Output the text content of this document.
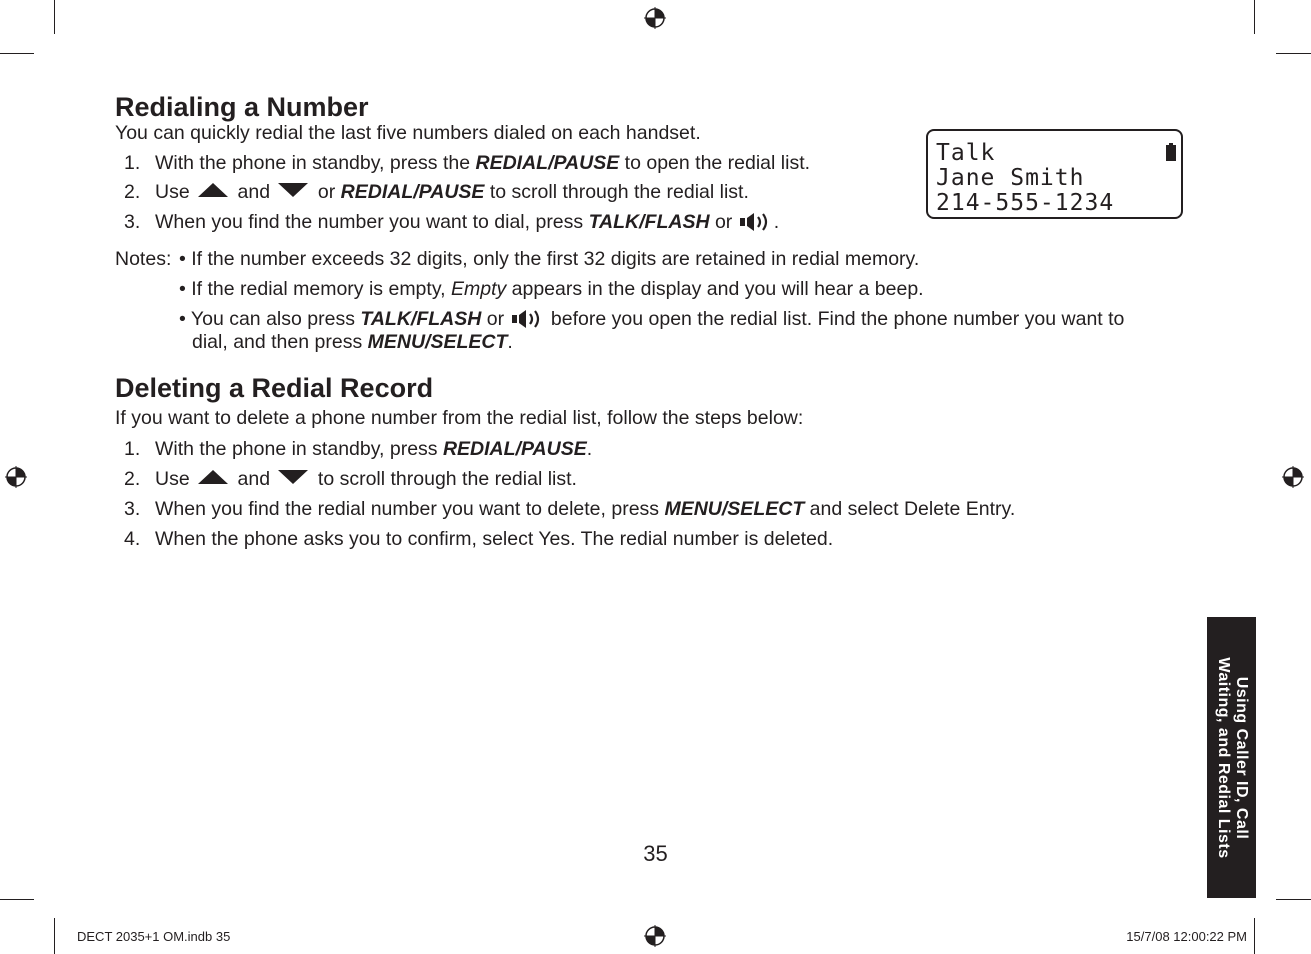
Redialing a Number
You can quickly redial the last five numbers dialed on each handset.
1. With the phone in standby, press the REDIAL/PAUSE to open the redial list.
2. Use  and  or REDIAL/PAUSE to scroll through the redial list.
3. When you find the number you want to dial, press TALK/FLASH or .
Talk
Jane Smith
214-555-1234
Notes: • If the number exceeds 32 digits, only the first 32 digits are retained in redial memory.
• If the redial memory is empty, Empty appears in the display and you will hear a beep.
• You can also press TALK/FLASH or  before you open the redial list. Find the phone number you want to
dial, and then press MENU/SELECT.
Deleting a Redial Record
If you want to delete a phone number from the redial list, follow the steps below:
1. With the phone in standby, press REDIAL/PAUSE.
2. Use  and  to scroll through the redial list.
3. When you find the redial number you want to delete, press MENU/SELECT and select Delete Entry.
4. When the phone asks you to confirm, select Yes. The redial number is deleted.
Using Caller ID, Call
Waiting, and Redial Lists
35
DECT 2035+1 OM.indb 35	15/7/08 12:00:22 PM
